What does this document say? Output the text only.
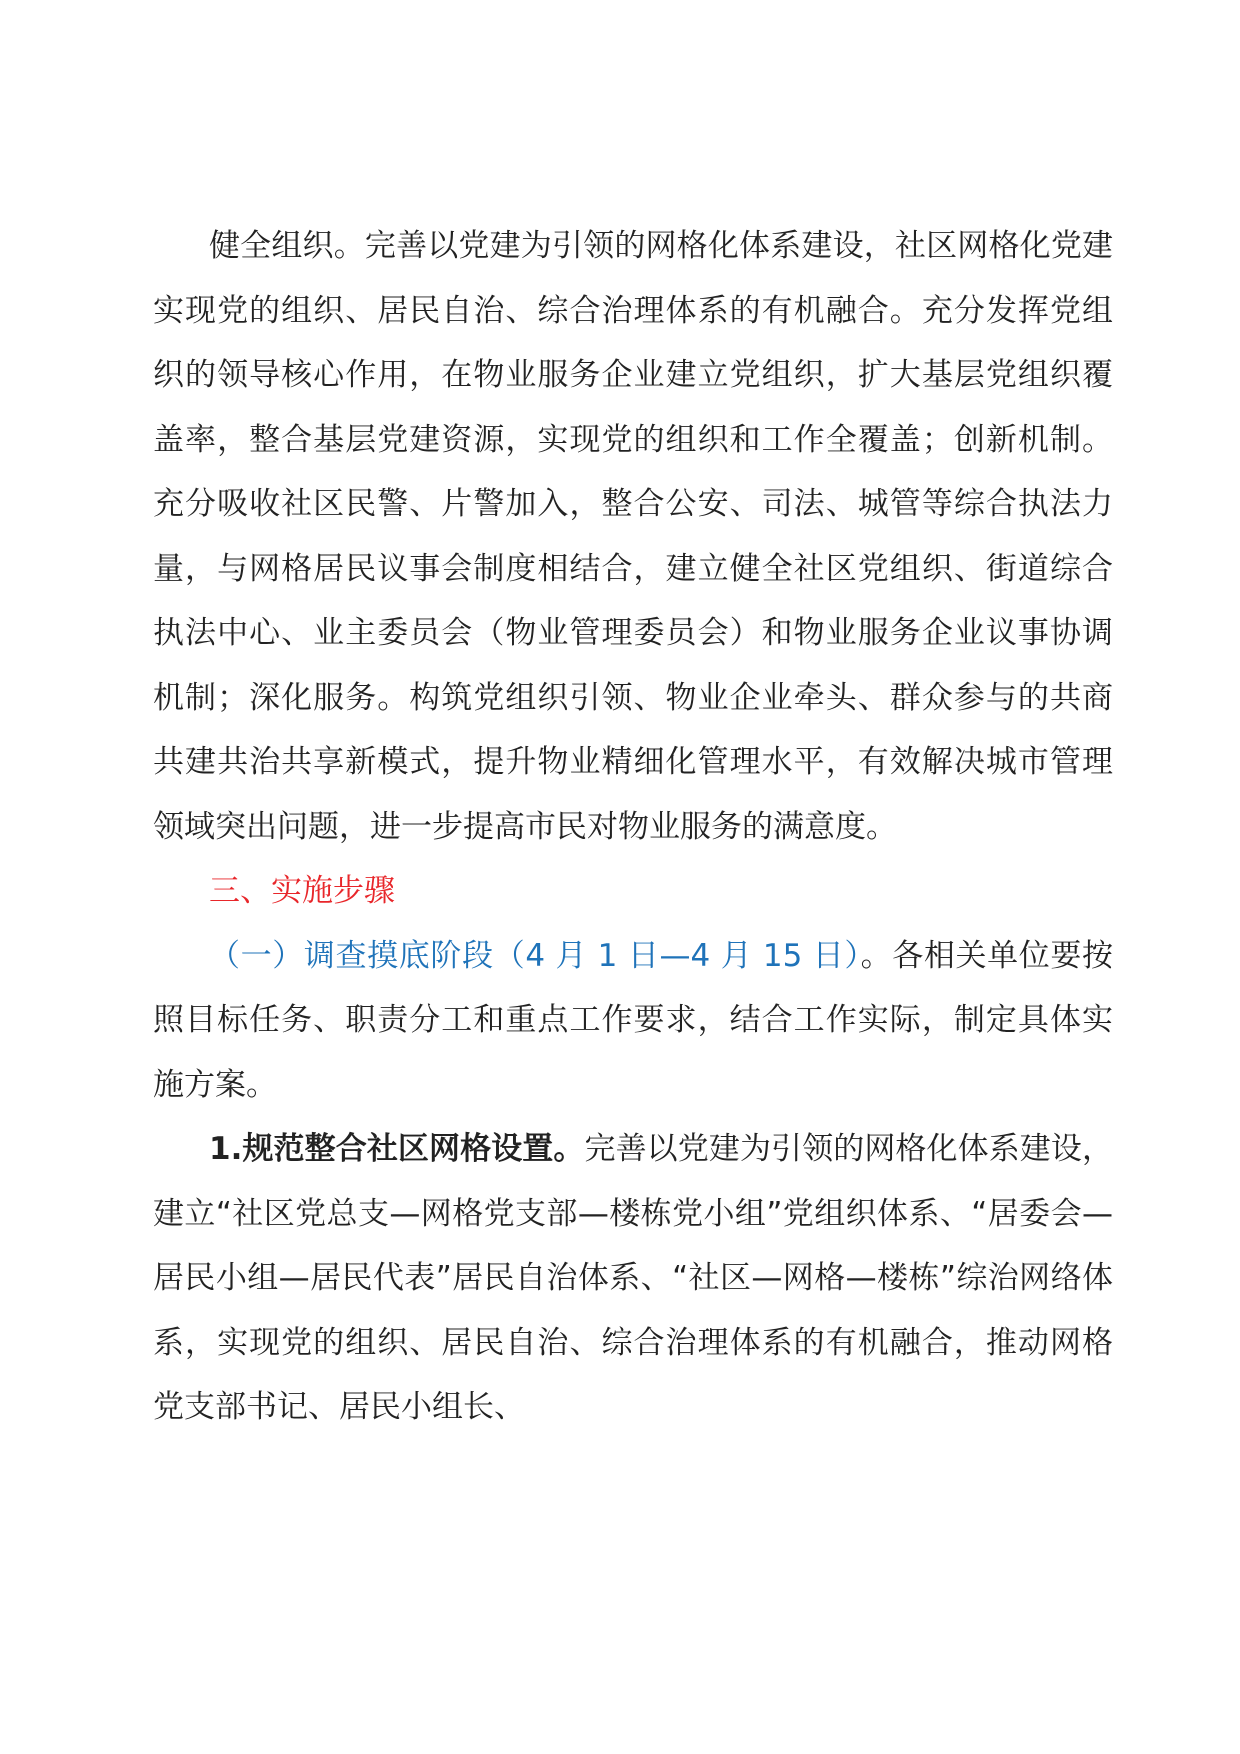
健全组织。完善以党建为引领的网格化体系建设，社区网格化党建实现党的组织、居民自治、综合治理体系的有机融合。充分发挥党组织的领导核心作用，在物业服务企业建立党组织，扩大基层党组织覆盖率，整合基层党建资源，实现党的组织和工作全覆盖；创新机制。充分吸收社区民警、片警加入，整合公安、司法、城管等综合执法力量，与网格居民议事会制度相结合，建立健全社区党组织、街道综合执法中心、业主委员会（物业管理委员会）和物业服务企业议事协调机制；深化服务。构筑党组织引领、物业企业牵头、群众参与的共商共建共治共享新模式，提升物业精细化管理水平，有效解决城市管理领域突出问题，进一步提高市民对物业服务的满意度。

三、实施步骤

（一）调查摸底阶段（4 月 1 日—4 月 15 日）。各相关单位要按照目标任务、职责分工和重点工作要求，结合工作实际，制定具体实施方案。

1.规范整合社区网格设置。完善以党建为引领的网格化体系建设，建立“社区党总支—网格党支部—楼栋党小组”党组织体系、“居委会—居民小组—居民代表”居民自治体系、“社区—网格—楼栋”综治网络体系，实现党的组织、居民自治、综合治理体系的有机融合，推动网格党支部书记、居民小组长、
